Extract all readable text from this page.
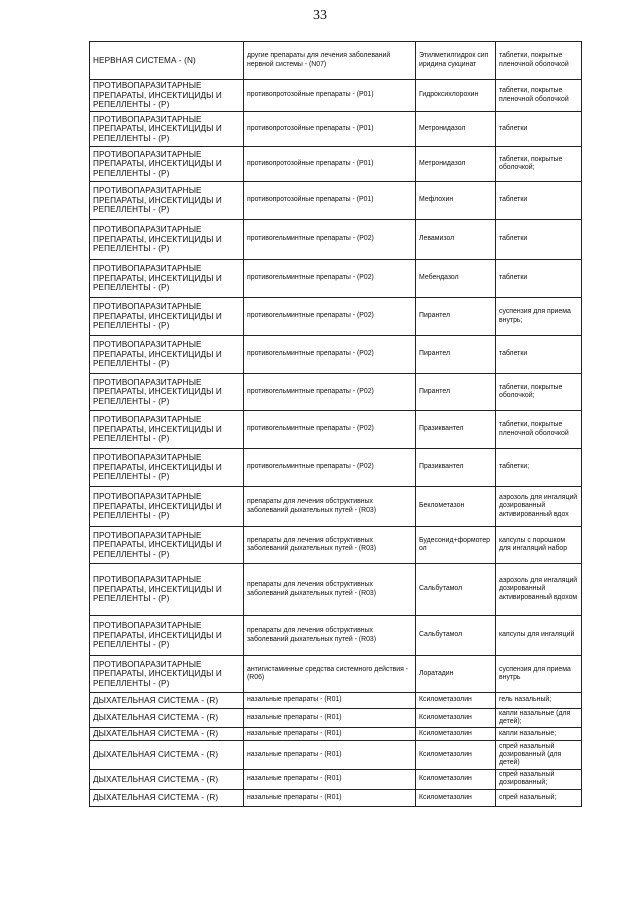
33
НЕРВНАЯ СИСТЕМА - (N)	другие препараты для лечения заболеваний нервной системы - (N07)	Этилметилгидрок сипиридина сукцинат	таблетки, покрытые пленочной оболочкой
ПРОТИВОПАРАЗИТАРНЫЕ ПРЕПАРАТЫ, ИНСЕКТИЦИДЫ И РЕПЕЛЛЕНТЫ - (P)	противопротозойные препараты - (P01)	Гидроксихлорохин	таблетки, покрытые пленочной оболочкой
ПРОТИВОПАРАЗИТАРНЫЕ ПРЕПАРАТЫ, ИНСЕКТИЦИДЫ И РЕПЕЛЛЕНТЫ - (P)	противопротозойные препараты - (P01)	Метронидазол	таблетки
ПРОТИВОПАРАЗИТАРНЫЕ ПРЕПАРАТЫ, ИНСЕКТИЦИДЫ И РЕПЕЛЛЕНТЫ - (P)	противопротозойные препараты - (P01)	Метронидазол	таблетки, покрытые оболочкой;
ПРОТИВОПАРАЗИТАРНЫЕ ПРЕПАРАТЫ, ИНСЕКТИЦИДЫ И РЕПЕЛЛЕНТЫ - (P)	противопротозойные препараты - (P01)	Мефлохин	таблетки
ПРОТИВОПАРАЗИТАРНЫЕ ПРЕПАРАТЫ, ИНСЕКТИЦИДЫ И РЕПЕЛЛЕНТЫ - (P)	противогельминтные препараты - (P02)	Левамизол	таблетки
ПРОТИВОПАРАЗИТАРНЫЕ ПРЕПАРАТЫ, ИНСЕКТИЦИДЫ И РЕПЕЛЛЕНТЫ - (P)	противогельминтные препараты - (P02)	Мебендазол	таблетки
ПРОТИВОПАРАЗИТАРНЫЕ ПРЕПАРАТЫ, ИНСЕКТИЦИДЫ И РЕПЕЛЛЕНТЫ - (P)	противогельминтные препараты - (P02)	Пирантел	суспензия для приема внутрь;
ПРОТИВОПАРАЗИТАРНЫЕ ПРЕПАРАТЫ, ИНСЕКТИЦИДЫ И РЕПЕЛЛЕНТЫ - (P)	противогельминтные препараты - (P02)	Пирантел	таблетки
ПРОТИВОПАРАЗИТАРНЫЕ ПРЕПАРАТЫ, ИНСЕКТИЦИДЫ И РЕПЕЛЛЕНТЫ - (P)	противогельминтные препараты - (P02)	Пирантел	таблетки, покрытые оболочкой;
ПРОТИВОПАРАЗИТАРНЫЕ ПРЕПАРАТЫ, ИНСЕКТИЦИДЫ И РЕПЕЛЛЕНТЫ - (P)	противогельминтные препараты - (P02)	Празиквантел	таблетки, покрытые пленочной оболочкой
ПРОТИВОПАРАЗИТАРНЫЕ ПРЕПАРАТЫ, ИНСЕКТИЦИДЫ И РЕПЕЛЛЕНТЫ - (P)	противогельминтные препараты - (P02)	Празиквантел	таблетки;
ПРОТИВОПАРАЗИТАРНЫЕ ПРЕПАРАТЫ, ИНСЕКТИЦИДЫ И РЕПЕЛЛЕНТЫ - (P)	препараты для лечения обструктивных заболеваний дыхательных путей - (R03)	Беклометазон	аэрозоль для ингаляций дозированный активированный вдох
ПРОТИВОПАРАЗИТАРНЫЕ ПРЕПАРАТЫ, ИНСЕКТИЦИДЫ И РЕПЕЛЛЕНТЫ - (P)	препараты для лечения обструктивных заболеваний дыхательных путей - (R03)	Будесонид+формотерол	капсулы с порошком для ингаляций набор
ПРОТИВОПАРАЗИТАРНЫЕ ПРЕПАРАТЫ, ИНСЕКТИЦИДЫ И РЕПЕЛЛЕНТЫ - (P)	препараты для лечения обструктивных заболеваний дыхательных путей - (R03)	Сальбутамол	аэрозоль для ингаляций дозированный активированный вдохом
ПРОТИВОПАРАЗИТАРНЫЕ ПРЕПАРАТЫ, ИНСЕКТИЦИДЫ И РЕПЕЛЛЕНТЫ - (P)	препараты для лечения обструктивных заболеваний дыхательных путей - (R03)	Сальбутамол	капсулы для ингаляций
ПРОТИВОПАРАЗИТАРНЫЕ ПРЕПАРАТЫ, ИНСЕКТИЦИДЫ И РЕПЕЛЛЕНТЫ - (P)	антигистаминные средства системного действия - (R06)	Лоратадин	суспензия для приема внутрь
ДЫХАТЕЛЬНАЯ СИСТЕМА - (R)	назальные препараты - (R01)	Ксилометазолин	гель назальный;
ДЫХАТЕЛЬНАЯ СИСТЕМА - (R)	назальные препараты - (R01)	Ксилометазолин	капли назальные (для детей);
ДЫХАТЕЛЬНАЯ СИСТЕМА - (R)	назальные препараты - (R01)	Ксилометазолин	капли назальные;
ДЫХАТЕЛЬНАЯ СИСТЕМА - (R)	назальные препараты - (R01)	Ксилометазолин	спрей назальный дозированный (для детей)
ДЫХАТЕЛЬНАЯ СИСТЕМА - (R)	назальные препараты - (R01)	Ксилометазолин	спрей назальный дозированный;
ДЫХАТЕЛЬНАЯ СИСТЕМА - (R)	назальные препараты - (R01)	Ксилометазолин	спрей назальный;
